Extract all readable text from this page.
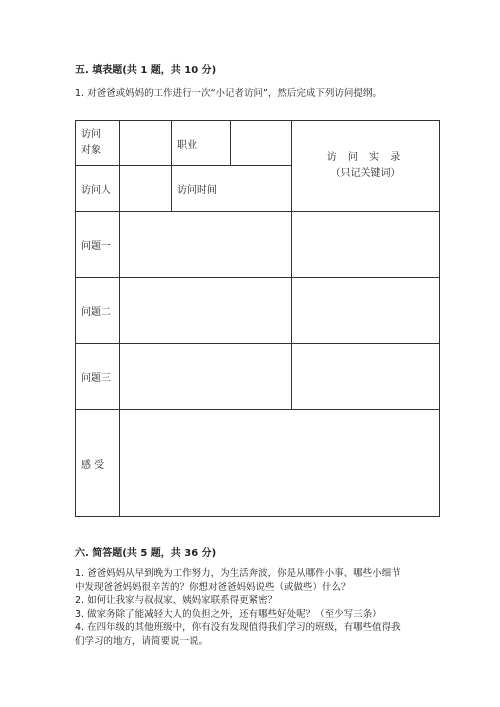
五. 填表题(共 1 题，共 10 分)
1. 对爸爸或妈妈的工作进行一次“小记者访问”，然后完成下列访问提纲。
访问
对象		职业		访 问 实 录
（只记关键词）

访问人		访问时间		
问题一				
问题二				
问题三				
感 受				
六. 简答题(共 5 题，共 36 分)
1. 爸爸妈妈从早到晚为工作努力，为生活奔波，你是从哪件小事、哪些小细节
中发现爸爸妈妈很辛苦的？你想对爸爸妈妈说些（或做些）什么？
2. 如何让我家与叔叔家、姨妈家联系得更紧密？
3. 做家务除了能减轻大人的负担之外，还有哪些好处呢？（至少写三条）
4. 在四年级的其他班级中，你有没有发现值得我们学习的班级，有哪些值得我
们学习的地方，请简要说一说。
